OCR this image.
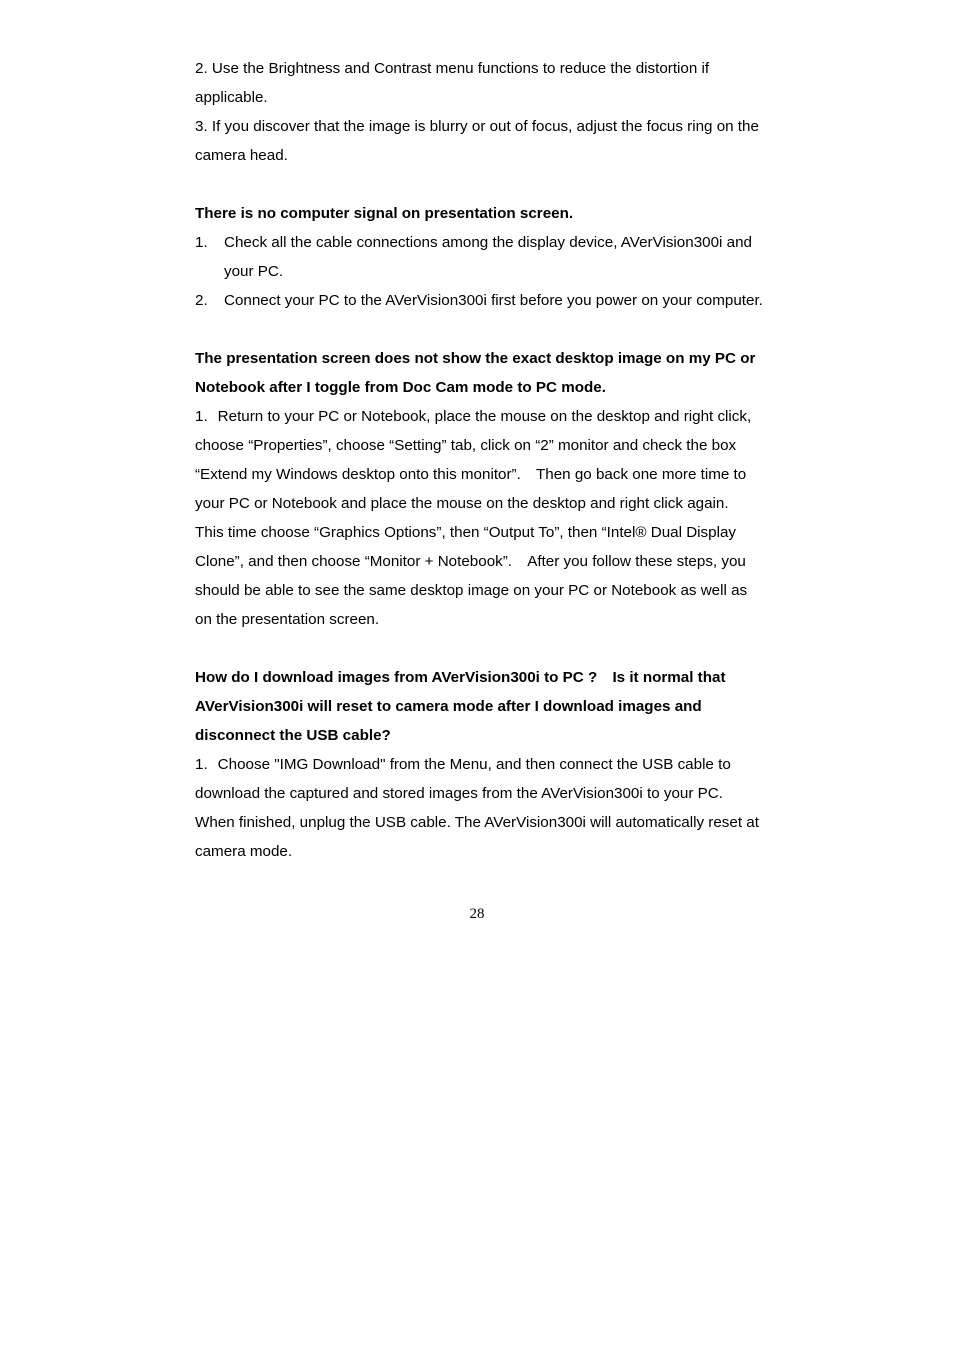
2. Use the Brightness and Contrast menu functions to reduce the distortion if applicable.

3. If you discover that the image is blurry or out of focus, adjust the focus ring on the camera head.

There is no computer signal on presentation screen.

1.	Check all the cable connections among the display device, AVerVision300i and your PC.
2.	Connect your PC to the AVerVision300i first before you power on your computer.

The presentation screen does not show the exact desktop image on my PC or Notebook after I toggle from Doc Cam mode to PC mode.

1. Return to your PC or Notebook, place the mouse on the desktop and right click, choose “Properties”, choose “Setting” tab, click on “2” monitor and check the box “Extend my Windows desktop onto this monitor”. Then go back one more time to your PC or Notebook and place the mouse on the desktop and right click again. This time choose “Graphics Options”, then “Output To”, then “Intel® Dual Display Clone”, and then choose “Monitor + Notebook”. After you follow these steps, you should be able to see the same desktop image on your PC or Notebook as well as on the presentation screen.

How do I download images from AVerVision300i to PC ? Is it normal that AVerVision300i will reset to camera mode after I download images and disconnect the USB cable?

1. Choose "IMG Download" from the Menu, and then connect the USB cable to download the captured and stored images from the AVerVision300i to your PC. When finished, unplug the USB cable. The AVerVision300i will automatically reset at camera mode.

28
